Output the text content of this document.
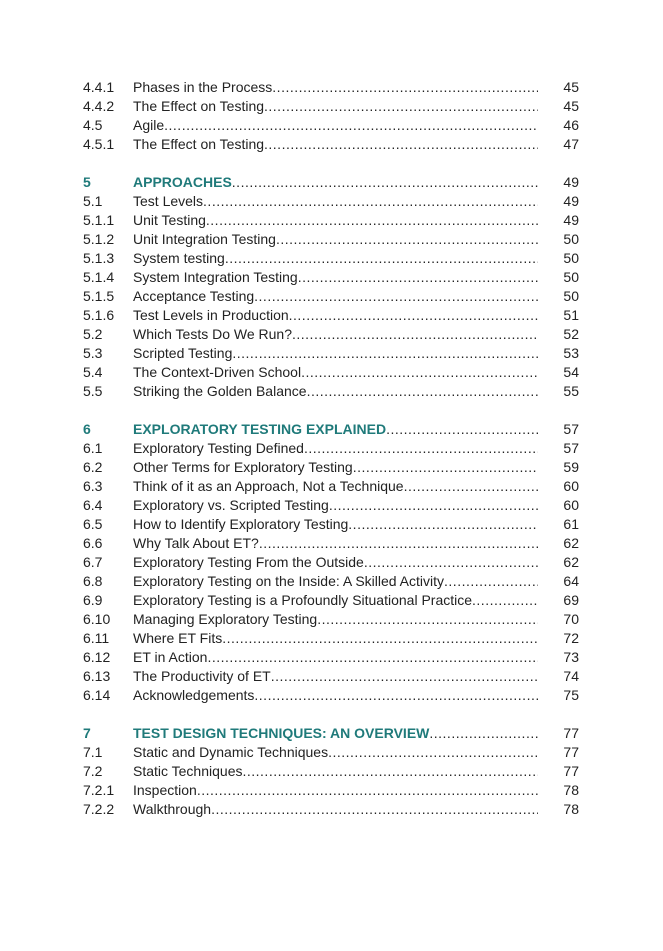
4.4.1	Phases in the Process .....	45
4.4.2	The Effect on Testing .....	45
4.5	Agile .....	46
4.5.1	The Effect on Testing .....	47
5	APPROACHES .....	49
5.1	Test Levels .....	49
5.1.1	Unit Testing .....	49
5.1.2	Unit Integration Testing .....	50
5.1.3	System testing .....	50
5.1.4	System Integration Testing .....	50
5.1.5	Acceptance Testing .....	50
5.1.6	Test Levels in Production .....	51
5.2	Which Tests Do We Run? .....	52
5.3	Scripted Testing .....	53
5.4	The Context-Driven School .....	54
5.5	Striking the Golden Balance .....	55
6	EXPLORATORY TESTING EXPLAINED .....	57
6.1	Exploratory Testing Defined .....	57
6.2	Other Terms for Exploratory Testing .....	59
6.3	Think of it as an Approach, Not a Technique .....	60
6.4	Exploratory vs. Scripted Testing .....	60
6.5	How to Identify Exploratory Testing .....	61
6.6	Why Talk About ET? .....	62
6.7	Exploratory Testing From the Outside .....	62
6.8	Exploratory Testing on the Inside: A Skilled Activity .....	64
6.9	Exploratory Testing is a Profoundly Situational Practice .....	69
6.10	Managing Exploratory Testing .....	70
6.11	Where ET Fits .....	72
6.12	ET in Action .....	73
6.13	The Productivity of ET .....	74
6.14	Acknowledgements .....	75
7	TEST DESIGN TECHNIQUES: AN OVERVIEW .....	77
7.1	Static and Dynamic Techniques .....	77
7.2	Static Techniques .....	77
7.2.1	Inspection .....	78
7.2.2	Walkthrough .....	78
